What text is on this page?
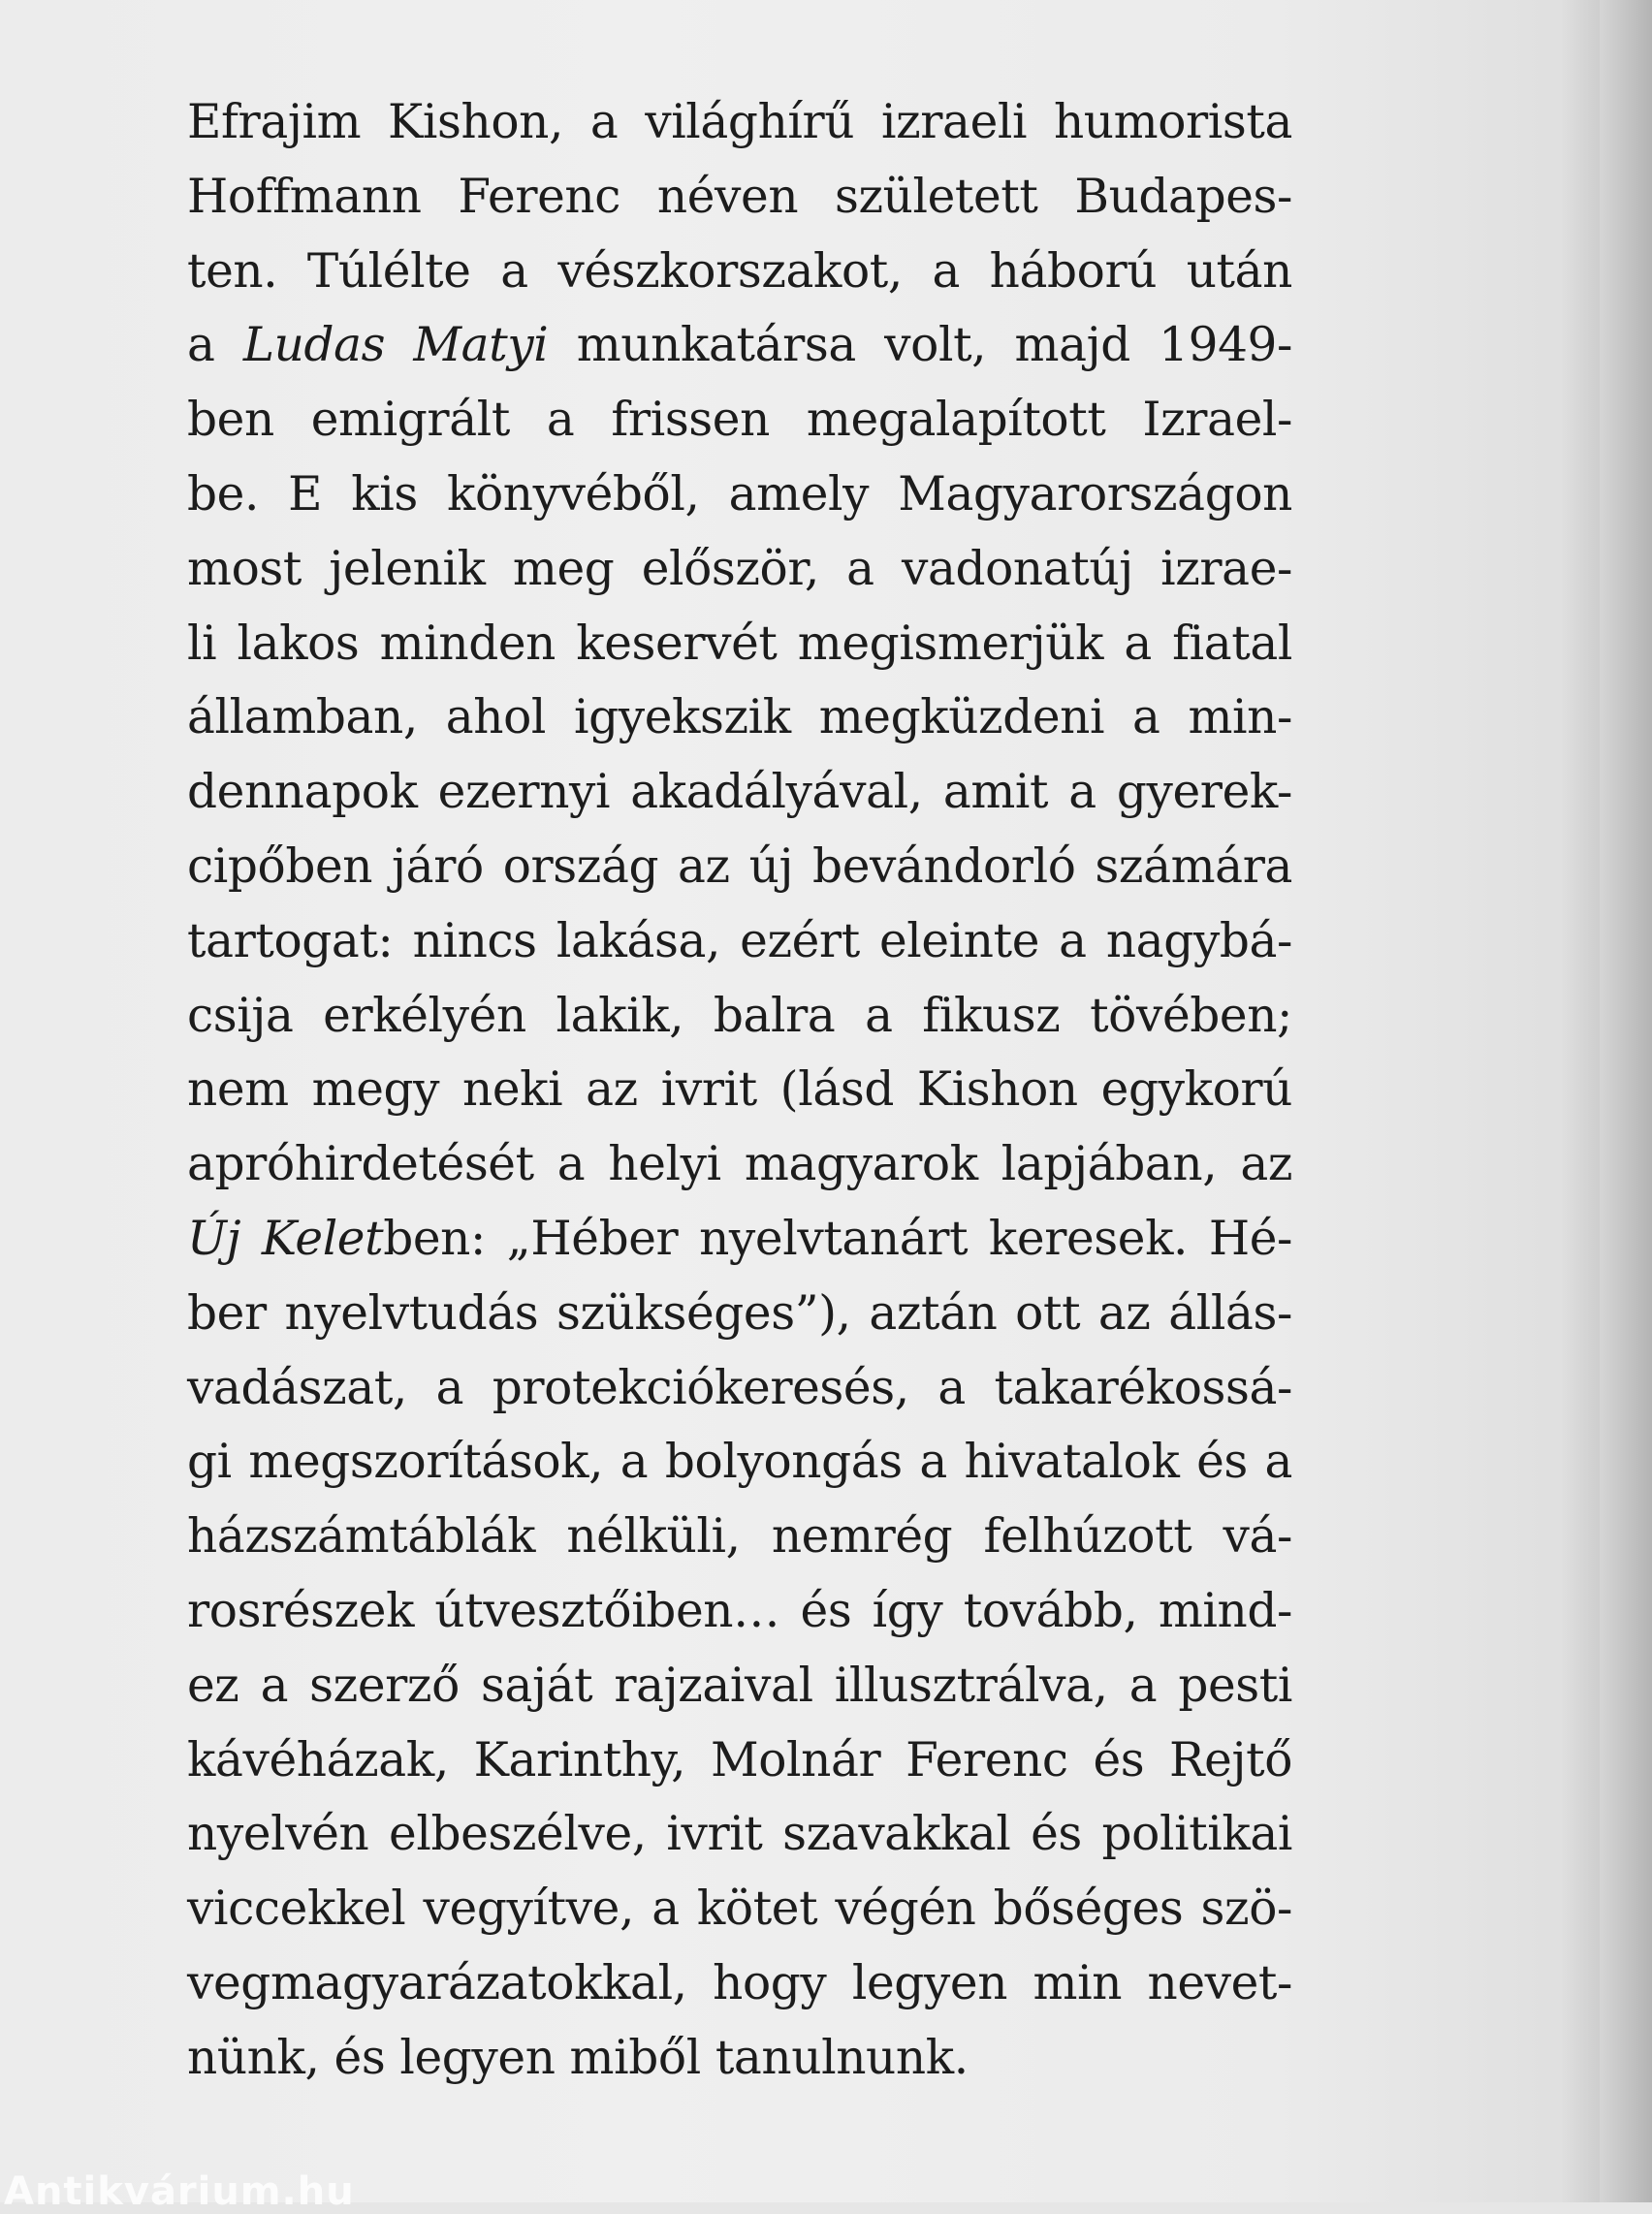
Efrajim Kishon, a világhírű izraeli humorista
Hoffmann Ferenc néven született Budapes-
ten. Túlélte a vészkorszakot, a háború után
a Ludas Matyi munkatársa volt, majd 1949-
ben emigrált a frissen megalapított Izrael-
be. E kis könyvéből, amely Magyarországon
most jelenik meg először, a vadonatúj izrae-
li lakos minden keservét megismerjük a fiatal
államban, ahol igyekszik megküzdeni a min-
dennapok ezernyi akadályával, amit a gyerek-
cipőben járó ország az új bevándorló számára
tartogat: nincs lakása, ezért eleinte a nagybá-
csija erkélyén lakik, balra a fikusz tövében;
nem megy neki az ivrit (lásd Kishon egykorú
apróhirdetését a helyi magyarok lapjában, az
Új Keletben: „Héber nyelvtanárt keresek. Hé-
ber nyelvtudás szükséges”), aztán ott az állás-
vadászat, a protekciókeresés, a takarékossá-
gi megszorítások, a bolyongás a hivatalok és a
házszámtáblák nélküli, nemrég felhúzott vá-
rosrészek útvesztőiben… és így tovább, mind-
ez a szerző saját rajzaival illusztrálva, a pesti
kávéházak, Karinthy, Molnár Ferenc és Rejtő
nyelvén elbeszélve, ivrit szavakkal és politikai
viccekkel vegyítve, a kötet végén bőséges szö-
vegmagyarázatokkal, hogy legyen min nevet-
nünk, és legyen miből tanulnunk.
Antikvárium.hu
